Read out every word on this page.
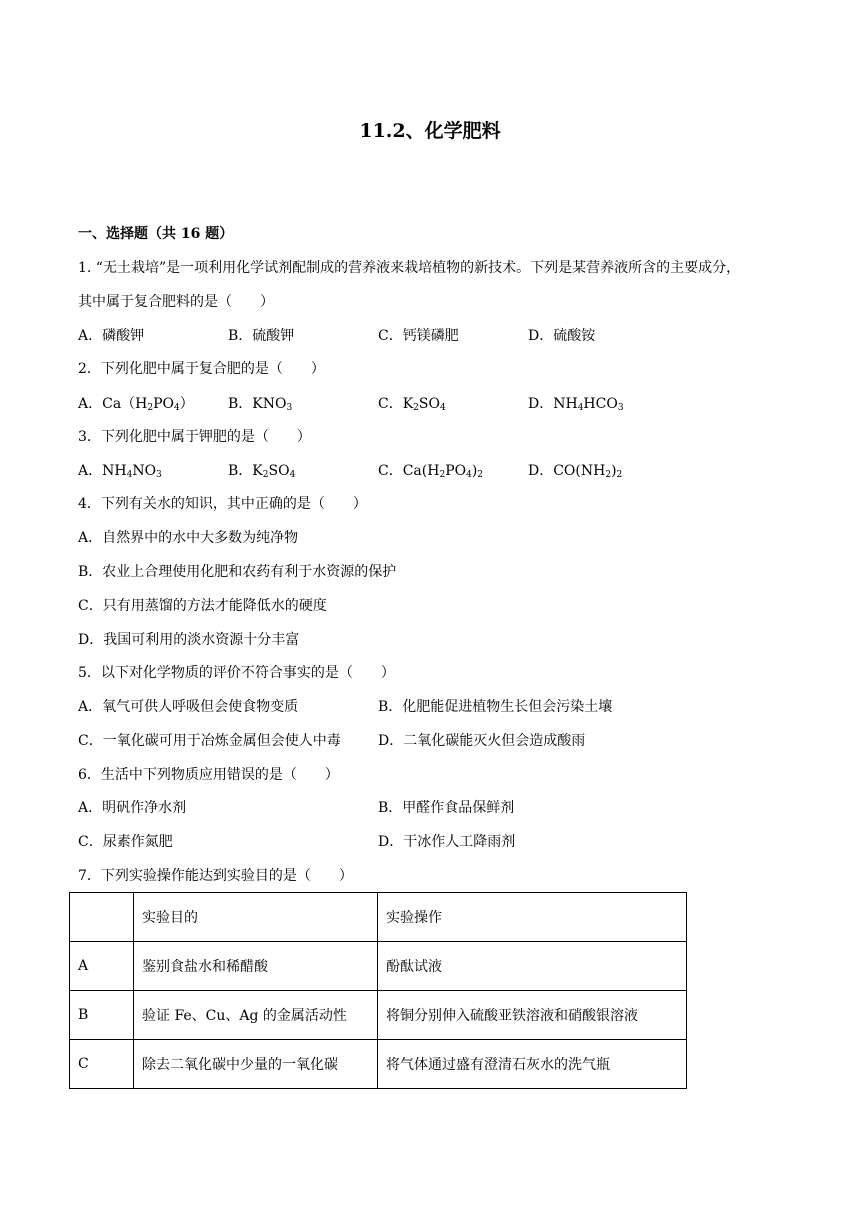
11.2、化学肥料
一、选择题（共 16 题）
1. “无土栽培”是一项利用化学试剂配制成的营养液来栽培植物的新技术。下列是某营养液所含的主要成分，
其中属于复合肥料的是（　　）
A．磷酸钾	B．硫酸钾	C．钙镁磷肥	D．硫酸铵
2．下列化肥中属于复合肥的是（　　）
A．$Ca(H_2PO_4)$ B．$KNO_3$	C．$K_2SO_4$	D．$NH_4HCO_3$
3．下列化肥中属于钾肥的是（　　）
A．$NH_4NO_3$	B．$K_2SO_4$	C．$Ca(H_2PO_4)_2$	D．$CO(NH_2)_2$
4．下列有关水的知识，其中正确的是（　　）
A．自然界中的水中大多数为纯净物
B．农业上合理使用化肥和农药有利于水资源的保护
C．只有用蒸馏的方法才能降低水的硬度
D．我国可利用的淡水资源十分丰富
5．以下对化学物质的评价不符合事实的是（　　）
A．氧气可供人呼吸但会使食物变质	B．化肥能促进植物生长但会污染土壤
C．一氧化碳可用于冶炼金属但会使人中毒	D．二氧化碳能灭火但会造成酸雨
6．生活中下列物质应用错误的是（　　）
A．明矾作净水剂	B．甲醛作食品保鲜剂
C．尿素作氮肥	D．干冰作人工降雨剂
7．下列实验操作能达到实验目的是（　　）
	实验目的	实验操作
A	鉴别食盐水和稀醋酸	酚酞试液
B	验证 Fe、Cu、Ag 的金属活动性	将铜分别伸入硫酸亚铁溶液和硝酸银溶液
C	除去二氧化碳中少量的一氧化碳	将气体通过盛有澄清石灰水的洗气瓶
